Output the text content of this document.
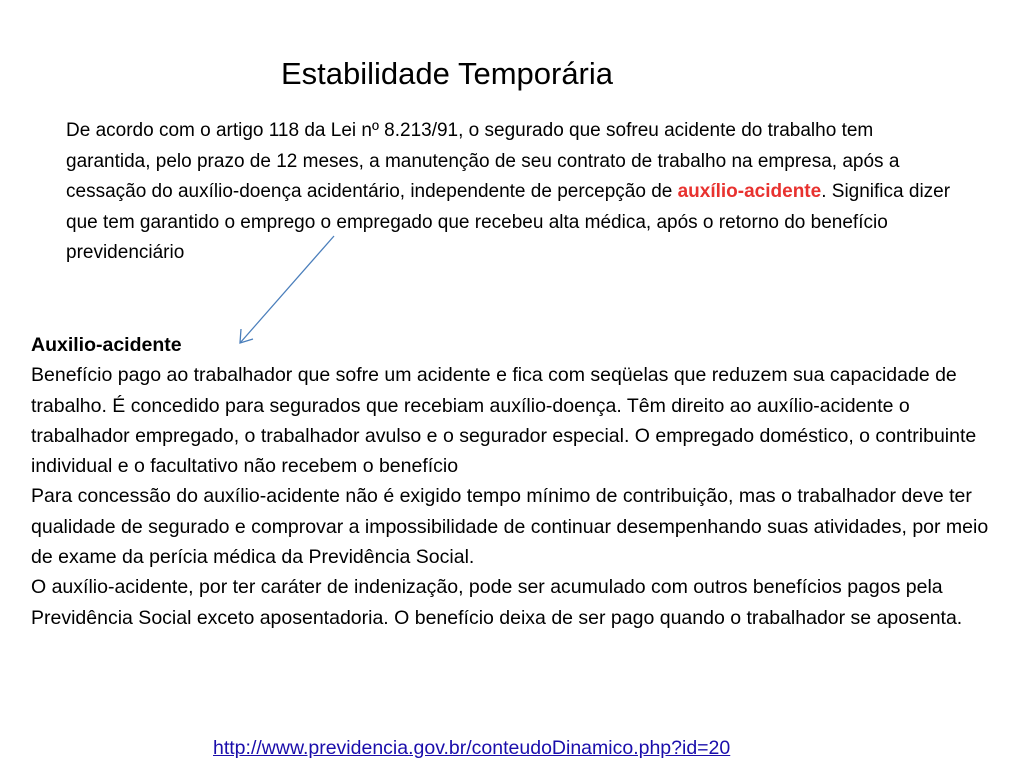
Estabilidade Temporária
De acordo com o artigo 118 da Lei nº 8.213/91, o segurado que sofreu acidente do trabalho tem garantida, pelo prazo de 12 meses, a manutenção de seu contrato de trabalho na empresa, após a cessação do auxílio-doença acidentário, independente de percepção de auxílio-acidente. Significa dizer que tem garantido o emprego o empregado que recebeu alta médica, após o retorno do benefício previdenciário

Auxilio-acidente

Benefício pago ao trabalhador que sofre um acidente e fica com seqüelas que reduzem sua capacidade de trabalho. É concedido para segurados que recebiam auxílio-doença. Têm direito ao auxílio-acidente o trabalhador empregado, o trabalhador avulso e o segurador especial. O empregado doméstico, o contribuinte individual e o facultativo não recebem o benefício

Para concessão do auxílio-acidente não é exigido tempo mínimo de contribuição, mas o trabalhador deve ter qualidade de segurado e comprovar a impossibilidade de continuar desempenhando suas atividades, por meio de exame da perícia médica da Previdência Social.

O auxílio-acidente, por ter caráter de indenização, pode ser acumulado com outros benefícios pagos pela Previdência Social exceto aposentadoria. O benefício deixa de ser pago quando o trabalhador se aposenta.

http://www.previdencia.gov.br/conteudoDinamico.php?id=20
